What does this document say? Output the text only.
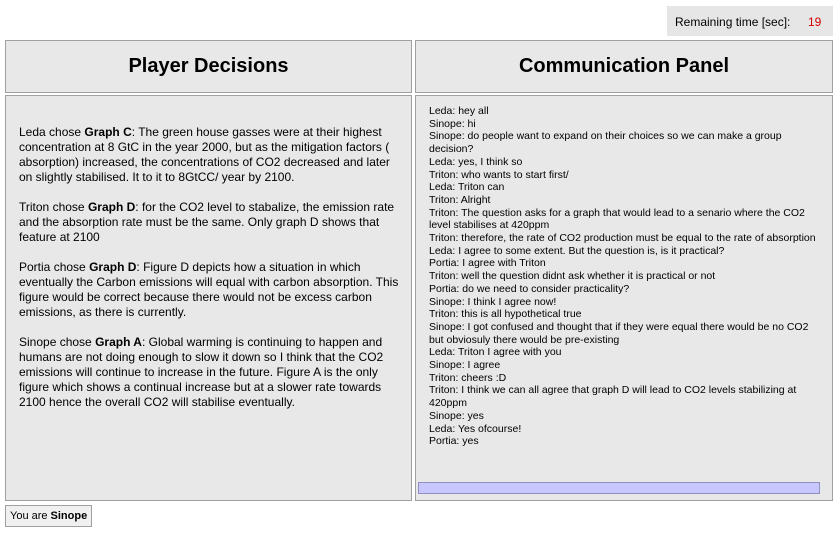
Remaining time [sec]: 19
Player Decisions	Communication Panel
Leda chose Graph C: The green house gasses were at their highest concentration at 8 GtC in the year 2000, but as the mitigation factors ( absorption) increased, the concentrations of CO2 decreased and later on slightly stabilised. It to it to 8GtCC/ year by 2100.
Triton chose Graph D: for the CO2 level to stabalize, the emission rate and the absorption rate must be the same. Only graph D shows that feature at 2100
Portia chose Graph D: Figure D depicts how a situation in which eventually the Carbon emissions will equal with carbon absorption. This figure would be correct because there would not be excess carbon emissions, as there is currently.
Sinope chose Graph A: Global warming is continuing to happen and humans are not doing enough to slow it down so I think that the CO2 emissions will continue to increase in the future. Figure A is the only figure which shows a continual increase but at a slower rate towards 2100 hence the overall CO2 will stabilise eventually.
Leda: hey all
Sinope: hi
Sinope: do people want to expand on their choices so we can make a group decision?
Leda: yes, I think so
Triton: who wants to start first/
Leda: Triton can
Triton: Alright
Triton: The question asks for a graph that would lead to a senario where the CO2 level stabilises at 420ppm
Triton: therefore, the rate of CO2 production must be equal to the rate of absorption
Leda: I agree to some extent. But the question is, is it practical?
Portia: I agree with Triton
Triton: well the question didnt ask whether it is practical or not
Portia: do we need to consider practicality?
Sinope: I think I agree now!
Triton: this is all hypothetical true
Sinope: I got confused and thought that if they were equal there would be no CO2 but obviosuly there would be pre-existing
Leda: Triton I agree with you
Sinope: I agree
Triton: cheers :D
Triton: I think we can all agree that graph D will lead to CO2 levels stabilizing at 420ppm
Sinope: yes
Leda: Yes ofcourse!
Portia: yes
You are Sinope
